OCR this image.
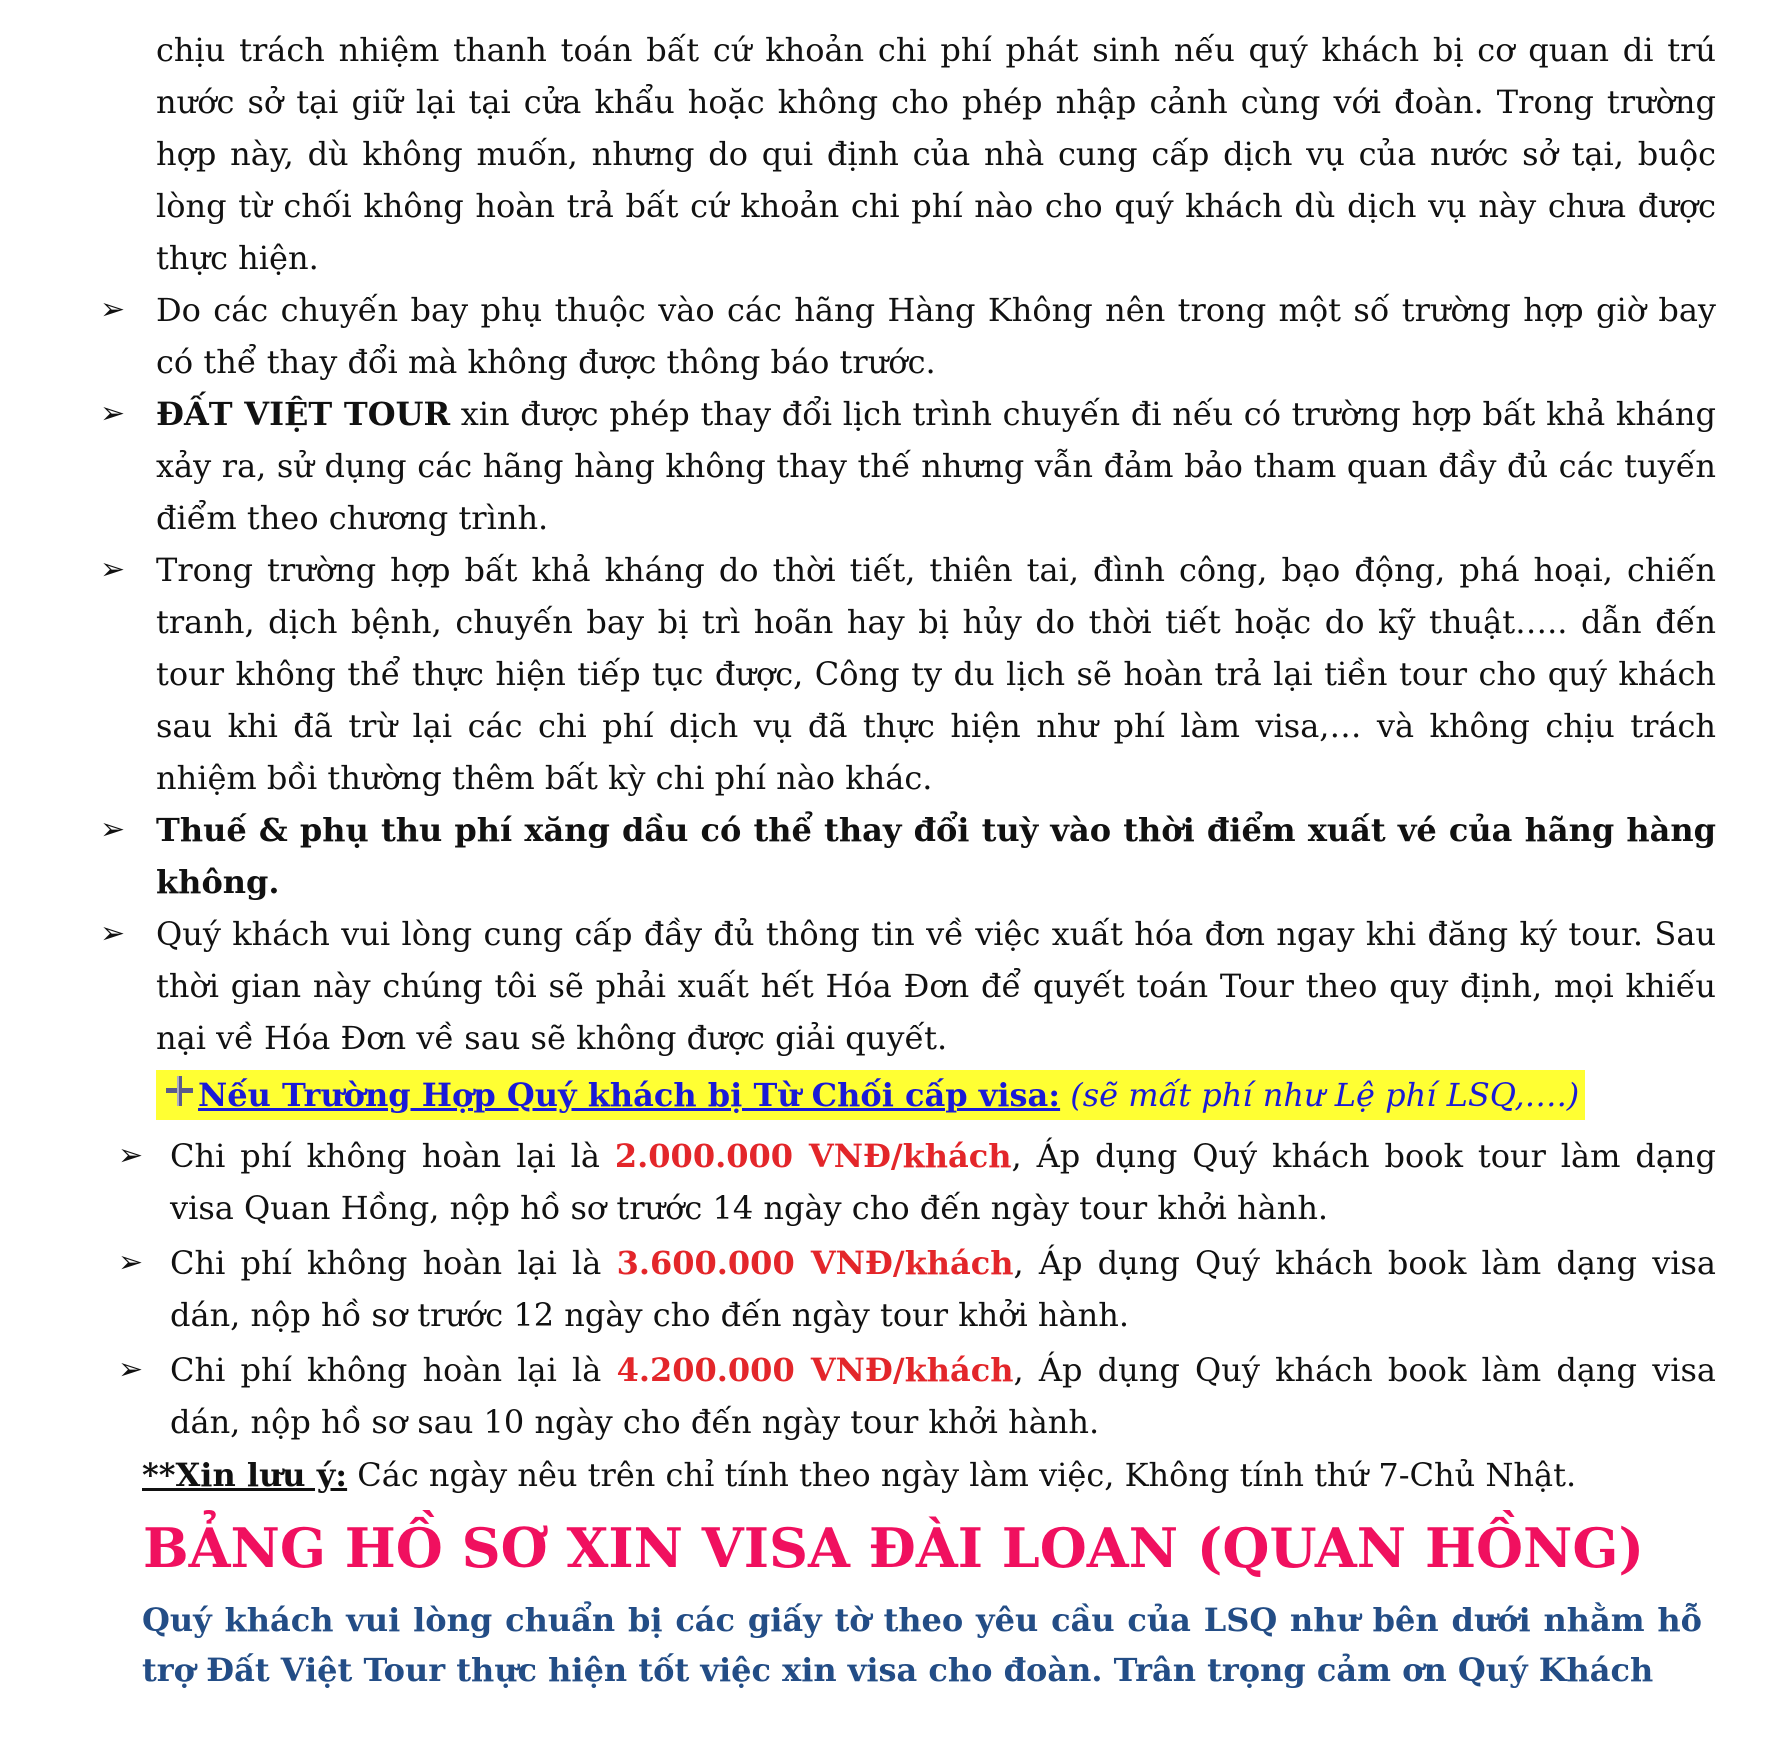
chịu trách nhiệm thanh toán bất cứ khoản chi phí phát sinh nếu quý khách bị cơ quan di trú nước sở tại giữ lại tại cửa khẩu hoặc không cho phép nhập cảnh cùng với đoàn. Trong trường hợp này, dù không muốn, nhưng do qui định của nhà cung cấp dịch vụ của nước sở tại, buộc lòng từ chối không hoàn trả bất cứ khoản chi phí nào cho quý khách dù dịch vụ này chưa được thực hiện.

➢ Do các chuyến bay phụ thuộc vào các hãng Hàng Không nên trong một số trường hợp giờ bay có thể thay đổi mà không được thông báo trước.

➢ ĐẤT VIỆT TOUR xin được phép thay đổi lịch trình chuyến đi nếu có trường hợp bất khả kháng xảy ra, sử dụng các hãng hàng không thay thế nhưng vẫn đảm bảo tham quan đầy đủ các tuyến điểm theo chương trình.

➢ Trong trường hợp bất khả kháng do thời tiết, thiên tai, đình công, bạo động, phá hoại, chiến tranh, dịch bệnh, chuyến bay bị trì hoãn hay bị hủy do thời tiết hoặc do kỹ thuật….. dẫn đến tour không thể thực hiện tiếp tục được, Công ty du lịch sẽ hoàn trả lại tiền tour cho quý khách sau khi đã trừ lại các chi phí dịch vụ đã thực hiện như phí làm visa,… và không chịu trách nhiệm bồi thường thêm bất kỳ chi phí nào khác.

➢ Thuế & phụ thu phí xăng dầu có thể thay đổi tuỳ vào thời điểm xuất vé của hãng hàng không.

➢ Quý khách vui lòng cung cấp đầy đủ thông tin về việc xuất hóa đơn ngay khi đăng ký tour. Sau thời gian này chúng tôi sẽ phải xuất hết Hóa Đơn để quyết toán Tour theo quy định, mọi khiếu nại về Hóa Đơn về sau sẽ không được giải quyết.

Nếu Trường Hợp Quý khách bị Từ Chối cấp visa: (sẽ mất phí như Lệ phí LSQ,….)
➢ Chi phí không hoàn lại là 2.000.000 VNĐ/khách, Áp dụng Quý khách book tour làm dạng visa Quan Hồng, nộp hồ sơ trước 14 ngày cho đến ngày tour khởi hành.

➢ Chi phí không hoàn lại là 3.600.000 VNĐ/khách, Áp dụng Quý khách book làm dạng visa dán, nộp hồ sơ trước 12 ngày cho đến ngày tour khởi hành.

➢ Chi phí không hoàn lại là 4.200.000 VNĐ/khách, Áp dụng Quý khách book làm dạng visa dán, nộp hồ sơ sau 10 ngày cho đến ngày tour khởi hành.

**Xin lưu ý: Các ngày nêu trên chỉ tính theo ngày làm việc, Không tính thứ 7-Chủ Nhật.
BẢNG HỒ SƠ XIN VISA ĐÀI LOAN (QUAN HỒNG)
Quý khách vui lòng chuẩn bị các giấy tờ theo yêu cầu của LSQ như bên dưới nhằm hỗ trợ Đất Việt Tour thực hiện tốt việc xin visa cho đoàn. Trân trọng cảm ơn Quý Khách
